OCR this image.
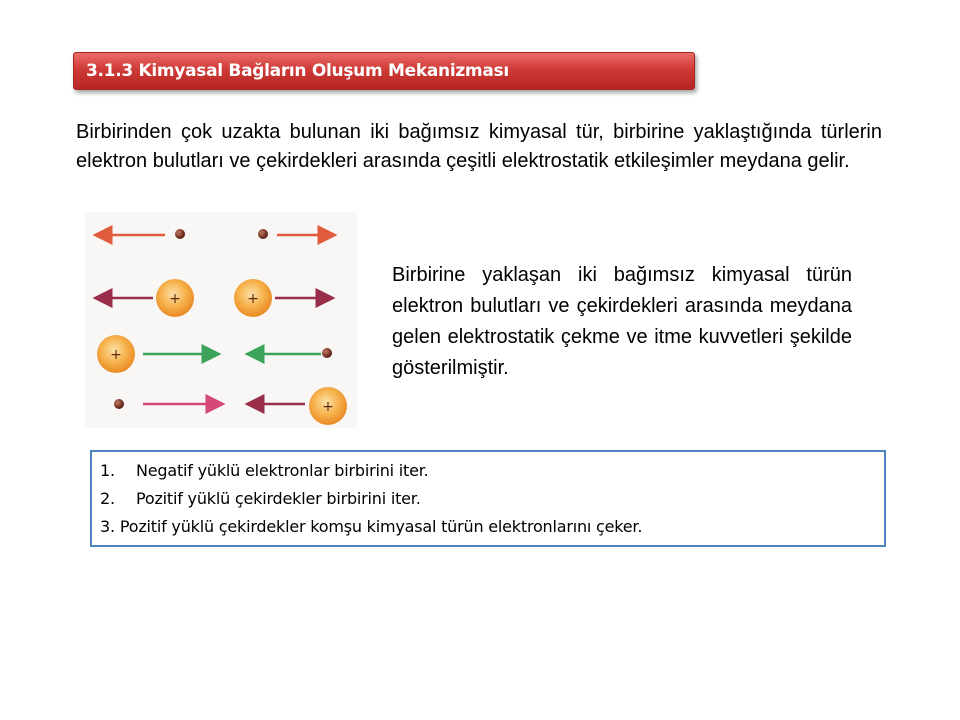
3.1.3 Kimyasal Bağların Oluşum Mekanizması

Birbirinden çok uzakta bulunan iki bağımsız kimyasal tür, birbirine yaklaştığında türlerin elektron bulutları ve çekirdekleri arasında çeşitli elektrostatik etkileşimler meydana gelir.

+	+
+
+

Birbirine yaklaşan iki bağımsız kimyasal türün elektron bulutları ve çekirdekleri arasında meydana gelen elektrostatik çekme ve itme kuvvetleri şekilde gösterilmiştir.

1. Negatif yüklü elektronlar birbirini iter.
2. Pozitif yüklü çekirdekler birbirini iter.
3. Pozitif yüklü çekirdekler komşu kimyasal türün elektronlarını çeker.
